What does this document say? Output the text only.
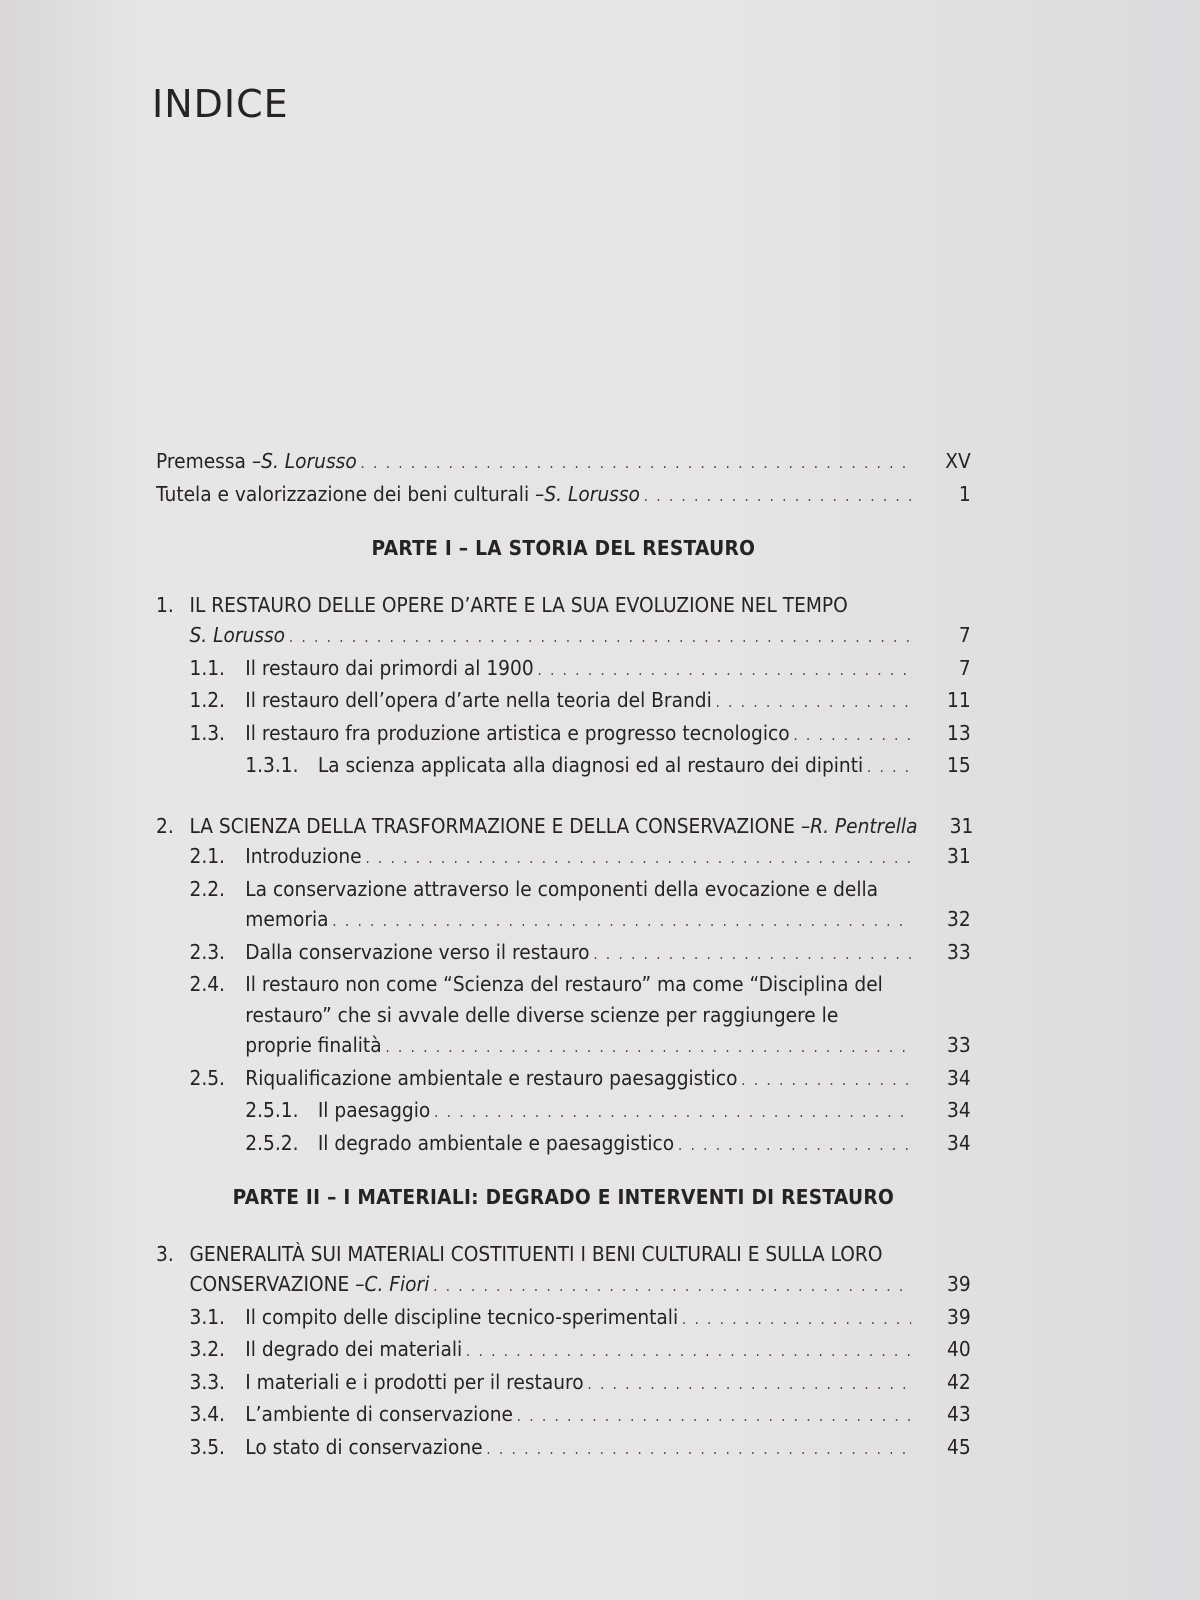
INDICE
Premessa – S. Lorusso . . .	XV
Tutela e valorizzazione dei beni culturali – S. Lorusso . . .	1
PARTE I – LA STORIA DEL RESTAURO
1. IL RESTAURO DELLE OPERE D’ARTE E LA SUA EVOLUZIONE NEL TEMPO
S. Lorusso . . .	7
1.1.	Il restauro dai primordi al 1900 . . .	7
1.2.	Il restauro dell’opera d’arte nella teoria del Brandi . . .	11
1.3.	Il restauro fra produzione artistica e progresso tecnologico . . .	13
1.3.1. La scienza applicata alla diagnosi ed al restauro dei dipinti . . .	15
2. LA SCIENZA DELLA TRASFORMAZIONE E DELLA CONSERVAZIONE – R. Pentrella	31
2.1.	Introduzione . . .	31
2.2.	La conservazione attraverso le componenti della evocazione e della
memoria . . .	32
2.3.	Dalla conservazione verso il restauro . . .	33
2.4.	Il restauro non come “Scienza del restauro” ma come “Disciplina del
restauro” che si avvale delle diverse scienze per raggiungere le
proprie finalità . . .	33
2.5.	Riqualificazione ambientale e restauro paesaggistico . . .	34
2.5.1. Il paesaggio . . .	34
2.5.2. Il degrado ambientale e paesaggistico . . .	34
PARTE II – I MATERIALI: DEGRADO E INTERVENTI DI RESTAURO
3. GENERALITÀ SUI MATERIALI COSTITUENTI I BENI CULTURALI E SULLA LORO
CONSERVAZIONE – C. Fiori . . .	39
3.1.	Il compito delle discipline tecnico-sperimentali . . .	39
3.2.	Il degrado dei materiali . . .	40
3.3.	I materiali e i prodotti per il restauro . . .	42
3.4.	L’ambiente di conservazione . . .	43
3.5.	Lo stato di conservazione . . .	45
